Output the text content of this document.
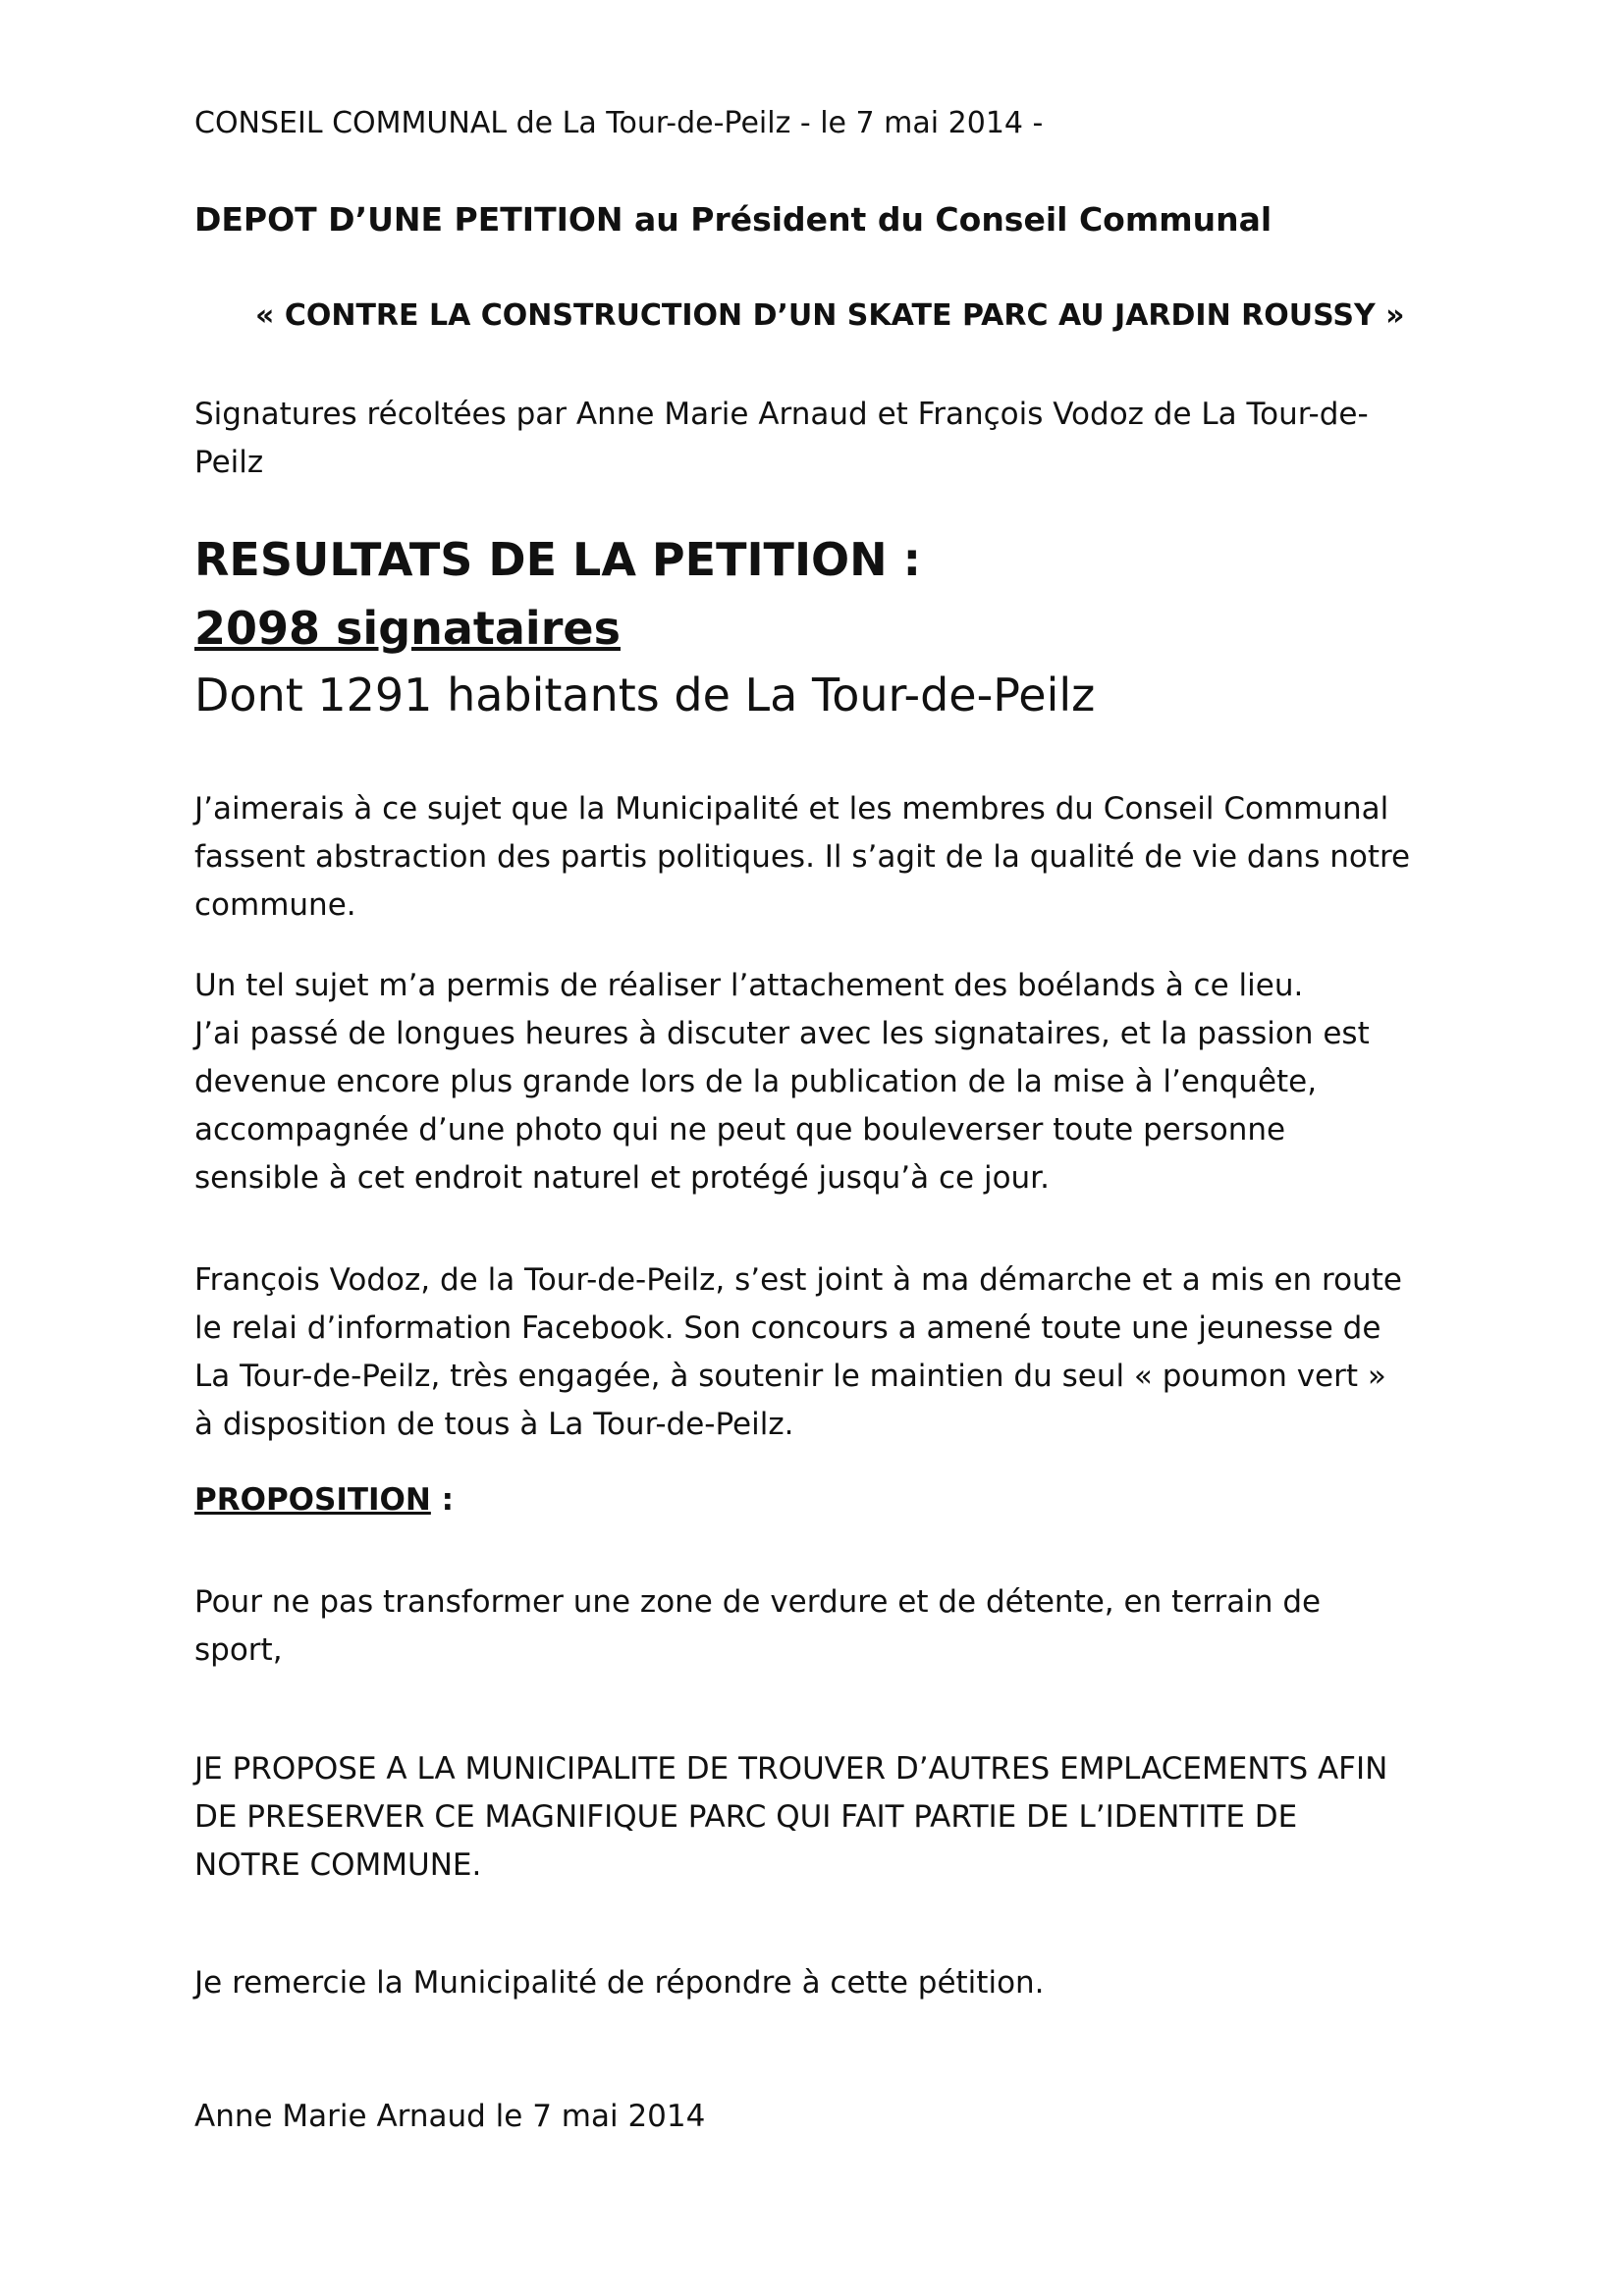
CONSEIL COMMUNAL de La Tour-de-Peilz - le 7 mai 2014 -
DEPOT D’UNE PETITION au Président du Conseil Communal
« CONTRE LA CONSTRUCTION D’UN SKATE PARC AU JARDIN ROUSSY »

Signatures récoltées par Anne Marie Arnaud et François Vodoz de La Tour-de-

Peilz

RESULTATS DE LA PETITION :
2098 signataires
Dont 1291 habitants de La Tour-de-Peilz

J’aimerais à ce sujet que la Municipalité et les membres du Conseil Communal

fassent abstraction des partis politiques. Il s’agit de la qualité de vie dans notre

commune.

Un tel sujet m’a permis de réaliser l’attachement des boélands à ce lieu.

J’ai passé de longues heures à discuter avec les signataires, et la passion est

devenue encore plus grande lors de la publication de la mise à l’enquête,

accompagnée d’une photo qui ne peut que bouleverser toute personne

sensible à cet endroit naturel et protégé jusqu’à ce jour.

François Vodoz, de la Tour-de-Peilz, s’est joint à ma démarche et a mis en route

le relai d’information Facebook. Son concours a amené toute une jeunesse de

La Tour-de-Peilz, très engagée, à soutenir le maintien du seul « poumon vert »

à disposition de tous à La Tour-de-Peilz.

PROPOSITION :

Pour ne pas transformer une zone de verdure et de détente, en terrain de

sport,

JE PROPOSE A LA MUNICIPALITE DE TROUVER D’AUTRES EMPLACEMENTS AFIN

DE PRESERVER CE MAGNIFIQUE PARC QUI FAIT PARTIE DE L’IDENTITE DE

NOTRE COMMUNE.

Je remercie la Municipalité de répondre à cette pétition.

Anne Marie Arnaud le 7 mai 2014
